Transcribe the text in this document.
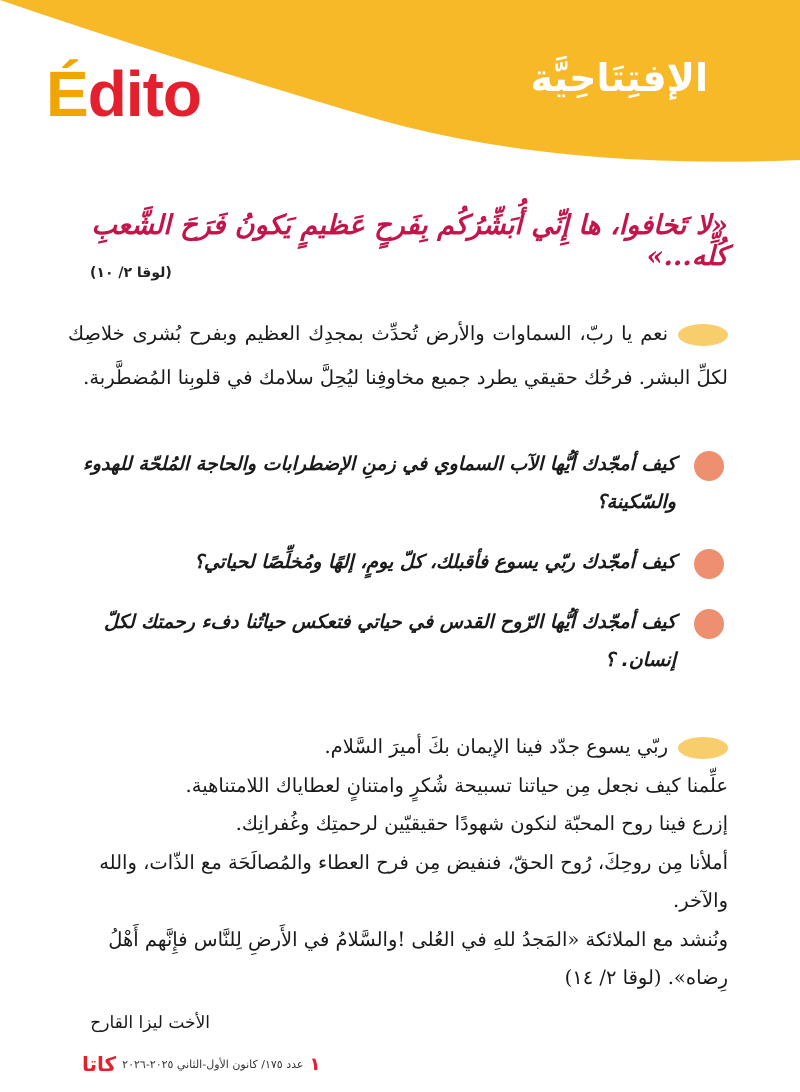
الإفتِتَاحِيَّة
Édito
«لا تَخافوا، ها إِنِّي أُبَشِّرُكُم بِفَرحٍ عَظيمٍ يَكونُ فَرَحَ الشَّعبِ كُلِّه...»
(لوقا ٢/ ١٠)
نعم يا ربّ، السماوات والأرض تُحدِّث بمجدِك العظيم وبفرح بُشرى خلاصِك لكلِّ البشر. فرحُك حقيقي يطرد جميع مخاوفِنا ليُحِلَّ سلامك في قلوبِنا المُضطَّربة.
كيف أمجّدك أيُّها الآب السماوي في زمنِ الإضطرابات والحاجة المُلحّة للهدوء والسّكينة؟
كيف أمجّدك ربّي يسوع فأقبلك، كلّ يومٍ، إلهًا ومُخلِّصًا لحياتي؟
كيف أمجّدك أيُّها الرّوح القدس في حياتي فتعكس حياتُنا دفء رحمتك لكلّ إنسان. ؟
ربّي يسوع جدّد فينا الإيمان بكَ أميرَ السَّلام.
علِّمنا كيف نجعل مِن حياتنا تسبيحة شُكرٍ وامتنانٍ لعطاياك اللامتناهية.
إزرع فينا روح المحبّة لنكون شهودًا حقيقيّين لرحمتِك وغُفرانِك.
أملأنا مِن روحِكَ، رُوح الحقّ، فنفيض مِن فرح العطاء والمُصالَحَة مع الذّات، والله
والآخر.
ونُنشد مع الملائكة «المَجدُ للهِ في العُلى !والسَّلامُ في الأَرضِ لِلنَّاس فإِنَّهم أَهْلُ
رِضاه». (لوقا ٢/ ١٤)
الأخت ليزا القارح
١
عدد ١٧٥/ كانون الأول-الثاني ٢٠٢٥-٢٠٢٦
كاتا
